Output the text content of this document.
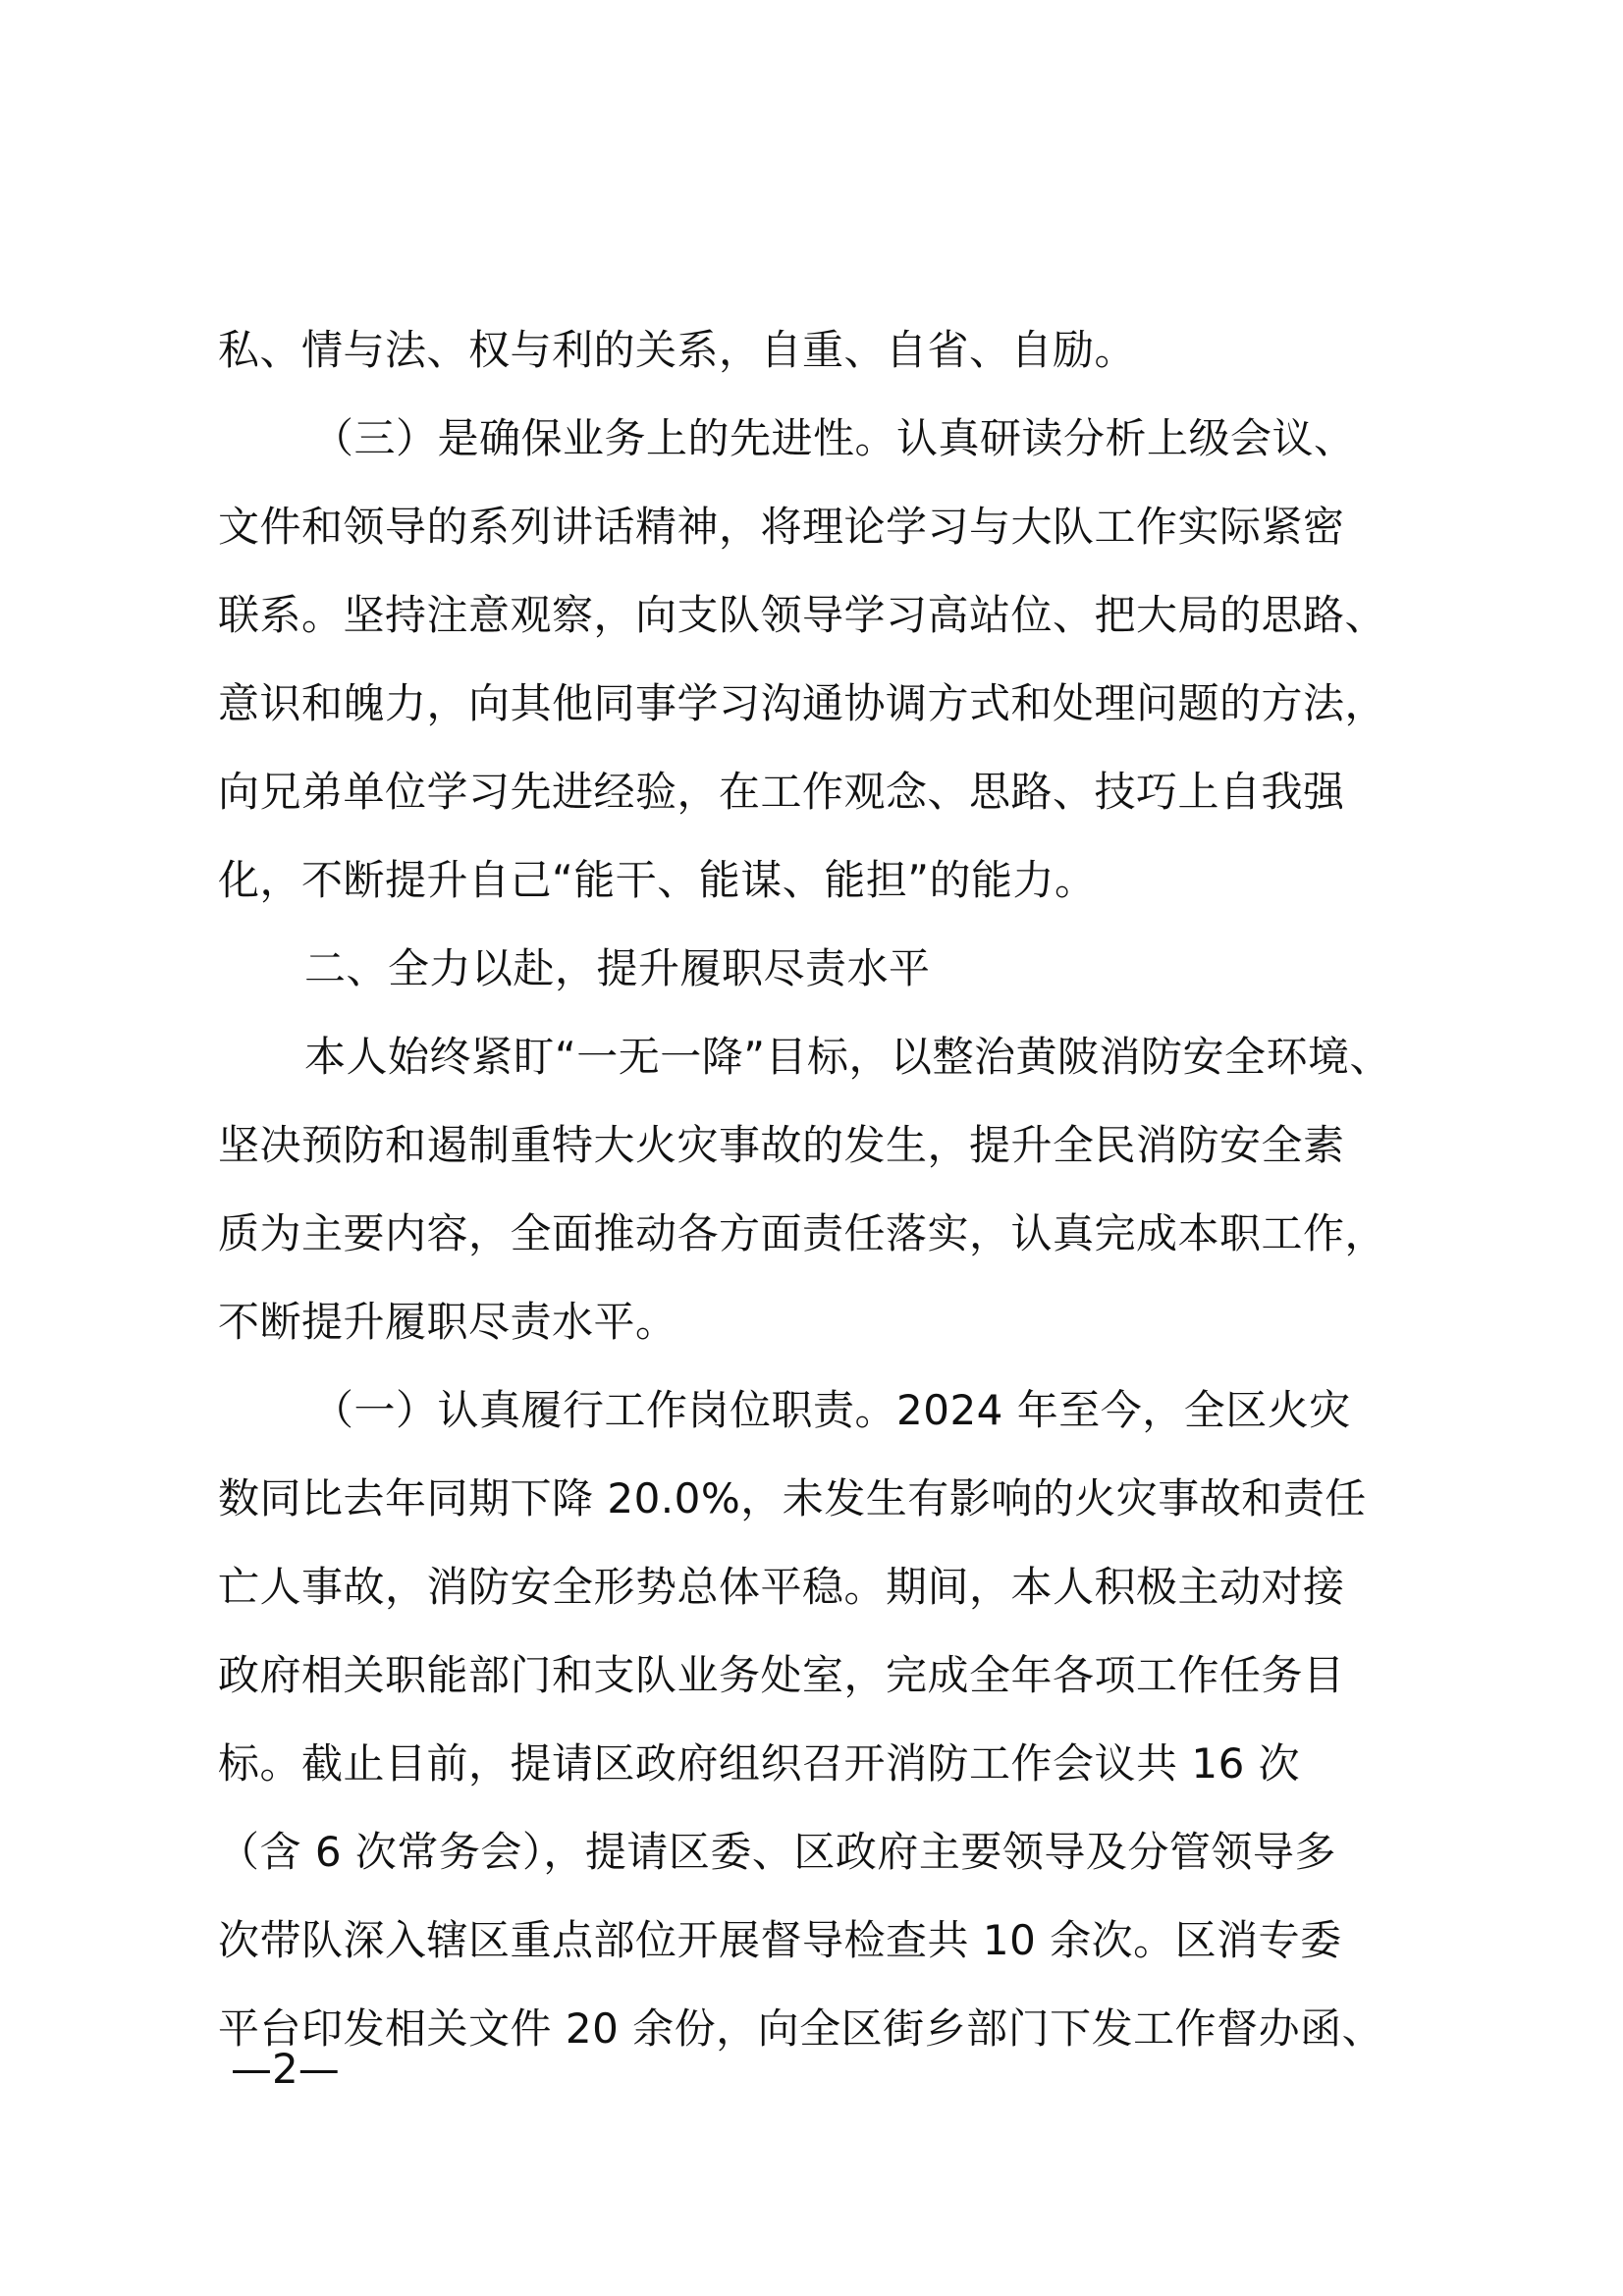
私、情与法、权与利的关系，自重、自省、自励。
（三）是确保业务上的先进性。认真研读分析上级会议、
文件和领导的系列讲话精神，将理论学习与大队工作实际紧密
联系。坚持注意观察，向支队领导学习高站位、把大局的思路、
意识和魄力，向其他同事学习沟通协调方式和处理问题的方法，
向兄弟单位学习先进经验，在工作观念、思路、技巧上自我强
化，不断提升自己“能干、能谋、能担”的能力。
二、全力以赴，提升履职尽责水平
本人始终紧盯“一无一降”目标，以整治黄陂消防安全环境、
坚决预防和遏制重特大火灾事故的发生，提升全民消防安全素
质为主要内容，全面推动各方面责任落实，认真完成本职工作，
不断提升履职尽责水平。
（一）认真履行工作岗位职责。2024 年至今，全区火灾
数同比去年同期下降 20.0%，未发生有影响的火灾事故和责任
亡人事故，消防安全形势总体平稳。期间，本人积极主动对接
政府相关职能部门和支队业务处室，完成全年各项工作任务目
标。截止目前，提请区政府组织召开消防工作会议共 16 次
（含 6 次常务会），提请区委、区政府主要领导及分管领导多
次带队深入辖区重点部位开展督导检查共 10 余次。区消专委
平台印发相关文件 20 余份，向全区街乡部门下发工作督办函、
—2—
